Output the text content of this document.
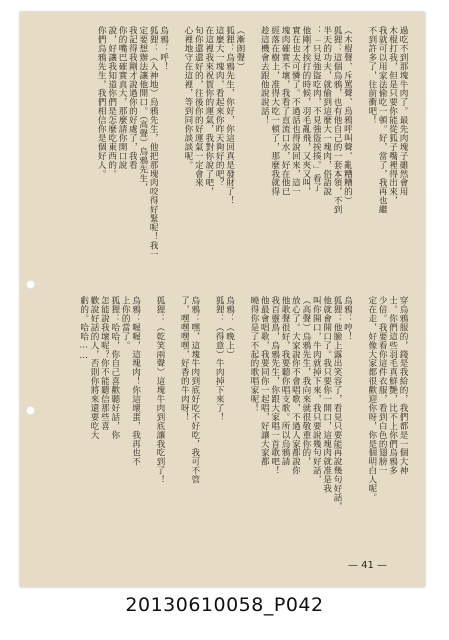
過吃不到那塊牛肉了。最先肉塊子雖然會用
木棍打我，但是只要你能從狐子嘴裡得出來，
我就可以用家法偷吃一頓。好，當了，我再也繼
不到許多了，往前衝吧！
（木棍聲、斥罵聲、烏鴉呼叫聲、亂糟糟的）
狐狸：這個烏鴉，也有他自己的一套本領，不到
半天的功夫，就偷到這麼大一塊肉，俗語說
：「只見強盜吃肉，不見強盜挨揍。」看了
他剛才挨打的時候，羽毛亂飛，又夾又叫，
實在也太可憐了。不過話也得說回來，這一
塊肉確實不壞，我看了直流口水，好在他已
經落在樹上，准得大吃一頓了，那麼我就得
趁這機會去跟他說說話！
（漸朗聲）
狐狸：烏鴉先生，你好，你這回真是發財了！
這麼大一塊肉，看起來你昨天夠好的吧？
在這裡我來祝賀你的運氣，我對你說了吧，
旬你還還好的，往後你的好運氣一定會來
心裡地守在這裡，等到同你談談呢。
烏鴉：呼！
狐狸：（入神地）烏鴉先生，他把那塊肉咬得好緊呢！我一
定要想辦法讓他開口。（高聲）烏鴉先生，
我記得我剛才說過你的好處了，我看
你的嘴巴確實真大，那麼請你開口說
說，好讓我知道你們是怎麼吃東西的。
你們烏鴉先生，我們相信你是個好人。
穿烏鴉服的，錢是我給的，我們都是一個大神
士。你們這些羽毛真鮮艷，比不上你們烏鴉多
少倍。我要看你這件衣服，看到白色的翅膀一
定在走，好像大家都很歡迎你呀，你是個明白人呢。
烏鴉：哼！
狐狸：他臉上露出笑容了，看見只要能再說幾句好話，
他就會開口了。我只要你一開口，這塊肉就准是我
叫你開口，牛肉就掉下來，我只要說幾句好話，
（高聲）烏鴉先生，我向來就很敬重你的，
放心了。大家說你不會唱歌，不過人家都說你
他歌聲很好，我要聽你唱支歌。所以烏鴉請
我百靈鳥，烏鴉先生，你跟大家唱一首歌吧！
他最會唱歌，我要同你一起唱，好讓大家都
曉得你是了不起的歌唱家呢！
烏鴉：（晚上）
狐狸：（得意）牛肉掉下來了！
烏鴉：嘿，這塊牛肉到底好吃不好吃，我可不管
了，嘿嘿嘿嘿，好香的牛肉呀！
狐狸：（乾笑兩聲）這塊牛肉到底讓我吃到了！
烏鴉：喔喔，這塊肉！你這壞蛋，我再也不
上你的當了。
狐狸：哈哈，你自己喜歡聽好話，你
怎能說我壞呢？你不能聽信那些喜
歡說好話的人，否則你將來還要吃大
虧的。哈哈……
— 41 —
20130610058_P042
